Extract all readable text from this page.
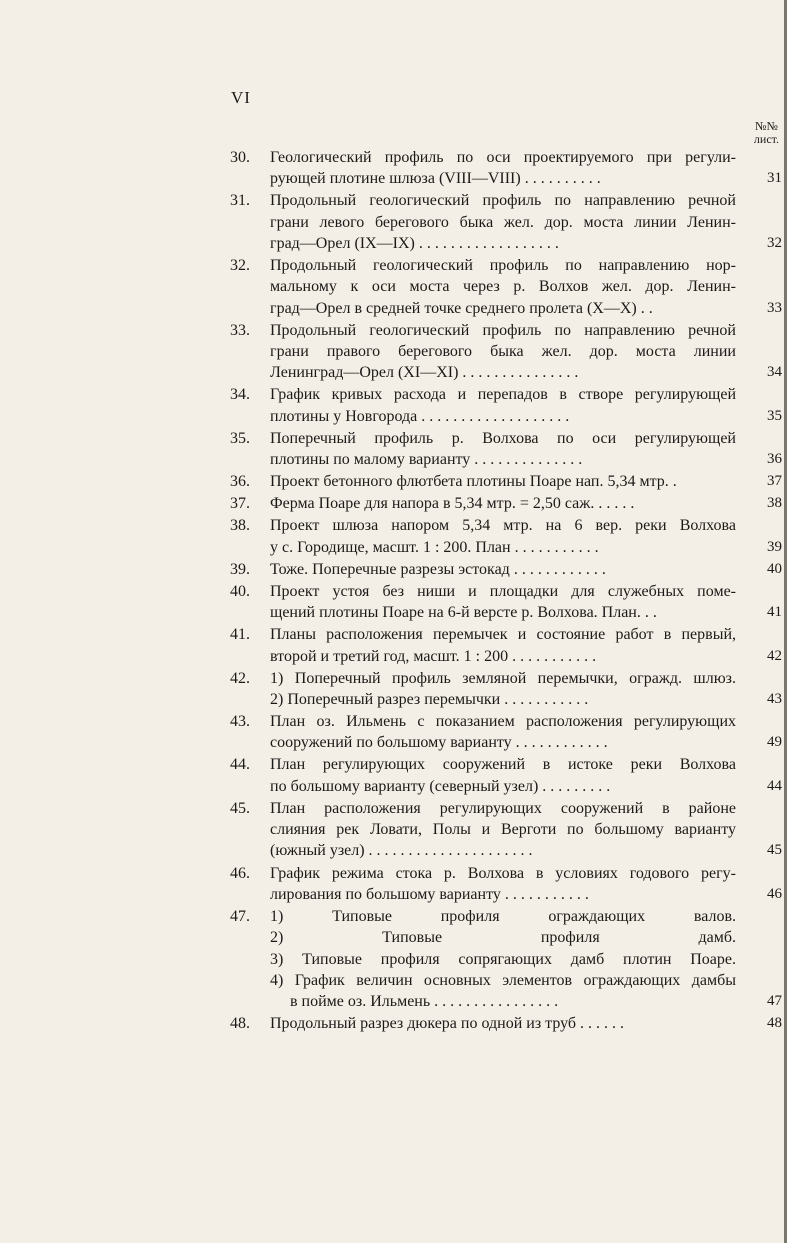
VI
№№
лист.
30.	Геологический профиль по оси проектируемого при регули-
рующей плотине шлюза (VIII—VIII) . . . . . . . . . .	31
31.	Продольный геологический профиль по направлению речной
грани левого берегового быка жел. дор. моста линии Ленин-
град—Орел (IX—IX) . . . . . . . . . . . . . . . . . .	32
32.	Продольный геологический профиль по направлению нор-
мальному к оси моста через р. Волхов жел. дор. Ленин-
град—Орел в средней точке среднего пролета (X—X) . .	33
33.	Продольный геологический профиль по направлению речной
грани правого берегового быка жел. дор. моста линии
Ленинград—Орел (XI—XI) . . . . . . . . . . . . . . .	34
34.	График кривых расхода и перепадов в створе регулирующей
плотины у Новгорода . . . . . . . . . . . . . . . . . . .	35
35.	Поперечный профиль р. Волхова по оси регулирующей
плотины по малому варианту . . . . . . . . . . . . . .	36
36.	Проект бетонного флютбета плотины Поаре нап. 5,34 мтр. .	37
37.	Ферма Поаре для напора в 5,34 мтр. = 2,50 саж. . . . . .	38
38.	Проект шлюза напором 5,34 мтр. на 6 вер. реки Волхова
у с. Городище, масшт. 1 : 200. План . . . . . . . . . . .	39
39.	Тоже. Поперечные разрезы эстокад . . . . . . . . . . . .	40
40.	Проект устоя без ниши и площадки для служебных поме-
щений плотины Поаре на 6-й версте р. Волхова. План. . .	41
41.	Планы расположения перемычек и состояние работ в первый,
второй и третий год, масшт. 1 : 200 . . . . . . . . . . .	42
42.	1) Поперечный профиль земляной перемычки, огражд. шлюз.
2) Поперечный разрез перемычки . . . . . . . . . . .	43
43.	План оз. Ильмень с показанием расположения регулирующих
сооружений по большому варианту . . . . . . . . . . . .	49
44.	План регулирующих сооружений в истоке реки Волхова
по большому варианту (северный узел) . . . . . . . . .	44
45.	План расположения регулирующих сооружений в районе
слияния рек Ловати, Полы и Верготи по большому варианту
(южный узел) . . . . . . . . . . . . . . . . . . . . .	45
46.	График режима стока р. Волхова в условиях годового регу-
лирования по большому варианту . . . . . . . . . . .	46
47.	1) Типовые профиля ограждающих валов.
2) Типовые профиля дамб.
3) Типовые профиля сопрягающих дамб плотин Поаре.
4) График величин основных элементов ограждающих дамбы
в пойме оз. Ильмень . . . . . . . . . . . . . . . .	47
48.	Продольный разрез дюкера по одной из труб . . . . . .	48
